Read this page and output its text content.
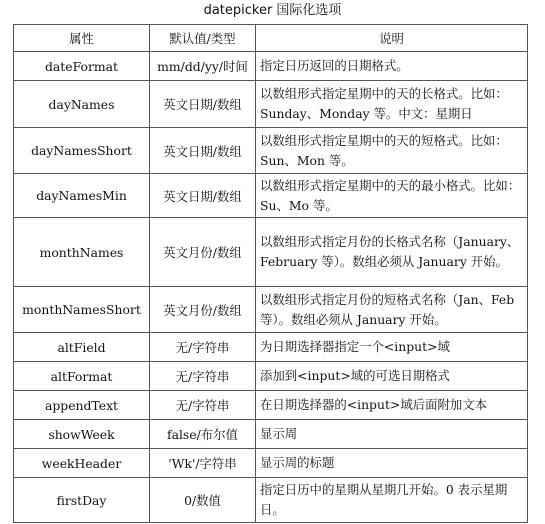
datepicker 国际化选项
属性	默认值/类型	说明
dateFormat	mm/dd/yy/时间	指定日历返回的日期格式。
dayNames	英文日期/数组	以数组形式指定星期中的天的长格式。比如：Sunday、Monday 等。中文：星期日
dayNamesShort	英文日期/数组	以数组形式指定星期中的天的短格式。比如：Sun、Mon 等。
dayNamesMin	英文日期/数组	以数组形式指定星期中的天的最小格式。比如：Su、Mo 等。
monthNames	英文月份/数组	以数组形式指定月份的长格式名称（January、February 等）。数组必须从 January 开始。
monthNamesShort	英文月份/数组	以数组形式指定月份的短格式名称（Jan、Feb 等）。数组必须从 January 开始。
altField	无/字符串	为日期选择器指定一个<input>域
altFormat	无/字符串	添加到<input>域的可选日期格式
appendText	无/字符串	在日期选择器的<input>域后面附加文本
showWeek	false/布尔值	显示周
weekHeader	'Wk'/字符串	显示周的标题
firstDay	0/数值	指定日历中的星期从星期几开始。0 表示星期日。
